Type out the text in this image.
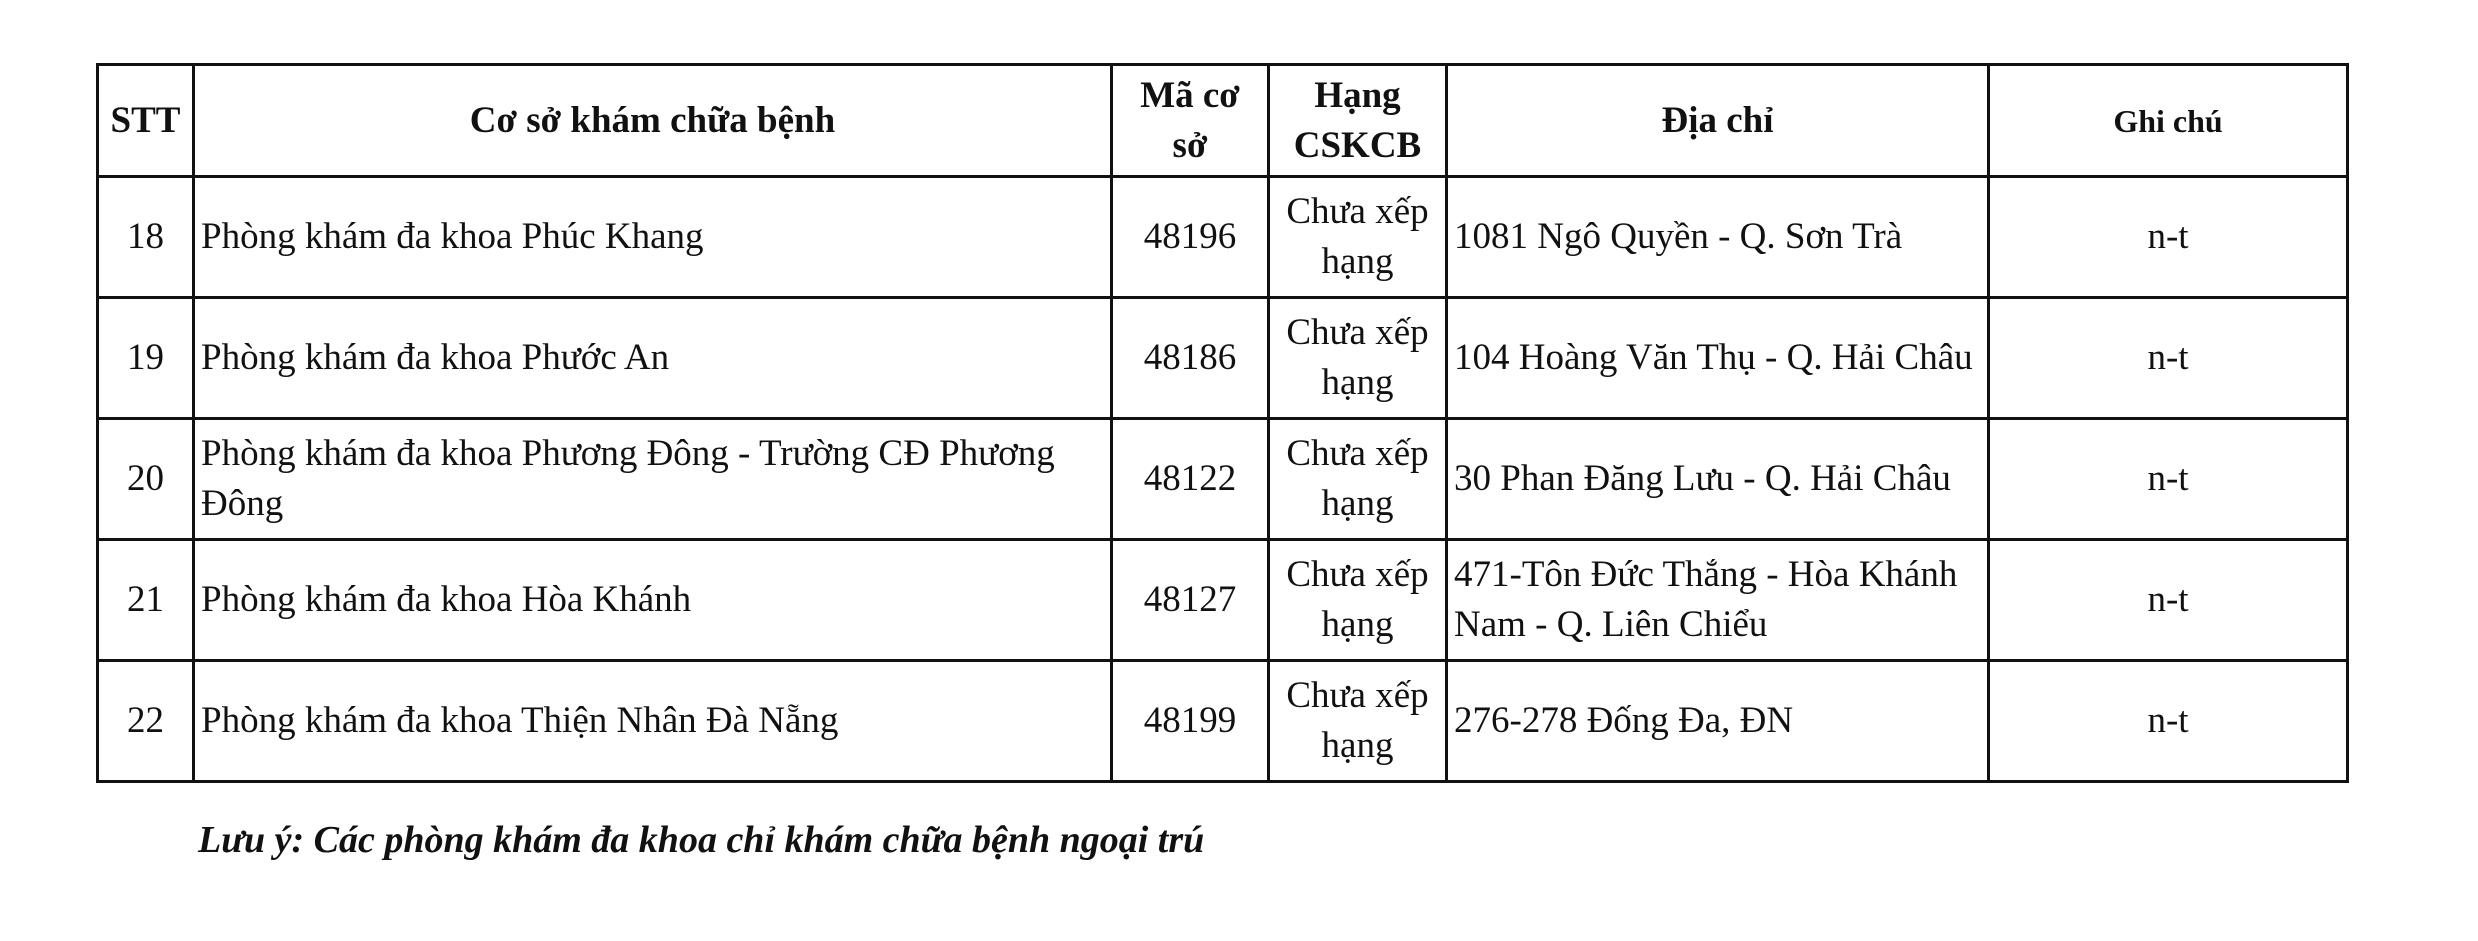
STT	Cơ sở khám chữa bệnh	Mã cơ sở	Hạng CSKCB	Địa chỉ	Ghi chú
18	Phòng khám đa khoa Phúc Khang	48196	Chưa xếp hạng	1081 Ngô Quyền - Q. Sơn Trà	n-t
19	Phòng khám đa khoa Phước An	48186	Chưa xếp hạng	104 Hoàng Văn Thụ - Q. Hải Châu	n-t
20	Phòng khám đa khoa Phương Đông - Trường CĐ Phương Đông	48122	Chưa xếp hạng	30 Phan Đăng Lưu - Q. Hải Châu	n-t
21	Phòng khám đa khoa Hòa Khánh	48127	Chưa xếp hạng	471-Tôn Đức Thắng - Hòa Khánh Nam - Q. Liên Chiểu	n-t
22	Phòng khám đa khoa Thiện Nhân Đà Nẵng	48199	Chưa xếp hạng	276-278 Đống Đa, ĐN	n-t
Lưu ý: Các phòng khám đa khoa chỉ khám chữa bệnh ngoại trú
